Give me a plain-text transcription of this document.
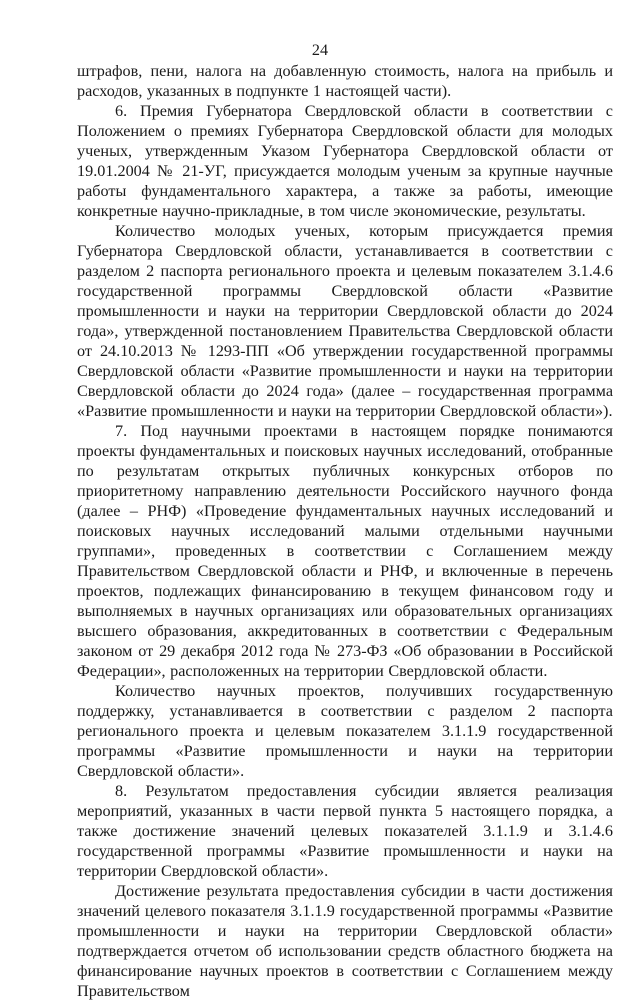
24

штрафов, пени, налога на добавленную стоимость, налога на прибыль и расходов, указанных в подпункте 1 настоящей части).

6. Премия Губернатора Свердловской области в соответствии с Положением о премиях Губернатора Свердловской области для молодых ученых, утвержденным Указом Губернатора Свердловской области от 19.01.2004 № 21-УГ, присуждается молодым ученым за крупные научные работы фундаментального характера, а также за работы, имеющие конкретные научно-прикладные, в том числе экономические, результаты.

Количество молодых ученых, которым присуждается премия Губернатора Свердловской области, устанавливается в соответствии с разделом 2 паспорта регионального проекта и целевым показателем 3.1.4.6 государственной программы Свердловской области «Развитие промышленности и науки на территории Свердловской области до 2024 года», утвержденной постановлением Правительства Свердловской области от 24.10.2013 № 1293-ПП «Об утверждении государственной программы Свердловской области «Развитие промышленности и науки на территории Свердловской области до 2024 года» (далее – государственная программа «Развитие промышленности и науки на территории Свердловской области»).

7. Под научными проектами в настоящем порядке понимаются проекты фундаментальных и поисковых научных исследований, отобранные по результатам открытых публичных конкурсных отборов по приоритетному направлению деятельности Российского научного фонда (далее – РНФ) «Проведение фундаментальных научных исследований и поисковых научных исследований малыми отдельными научными группами», проведенных в соответствии с Соглашением между Правительством Свердловской области и РНФ, и включенные в перечень проектов, подлежащих финансированию в текущем финансовом году и выполняемых в научных организациях или образовательных организациях высшего образования, аккредитованных в соответствии с Федеральным законом от 29 декабря 2012 года № 273-ФЗ «Об образовании в Российской Федерации», расположенных на территории Свердловской области.

Количество научных проектов, получивших государственную поддержку, устанавливается в соответствии с разделом 2 паспорта регионального проекта и целевым показателем 3.1.1.9 государственной программы «Развитие промышленности и науки на территории Свердловской области».

8. Результатом предоставления субсидии является реализация мероприятий, указанных в части первой пункта 5 настоящего порядка, а также достижение значений целевых показателей 3.1.1.9 и 3.1.4.6 государственной программы «Развитие промышленности и науки на территории Свердловской области».

Достижение результата предоставления субсидии в части достижения значений целевого показателя 3.1.1.9 государственной программы «Развитие промышленности и науки на территории Свердловской области» подтверждается отчетом об использовании средств областного бюджета на финансирование научных проектов в соответствии с Соглашением между Правительством
